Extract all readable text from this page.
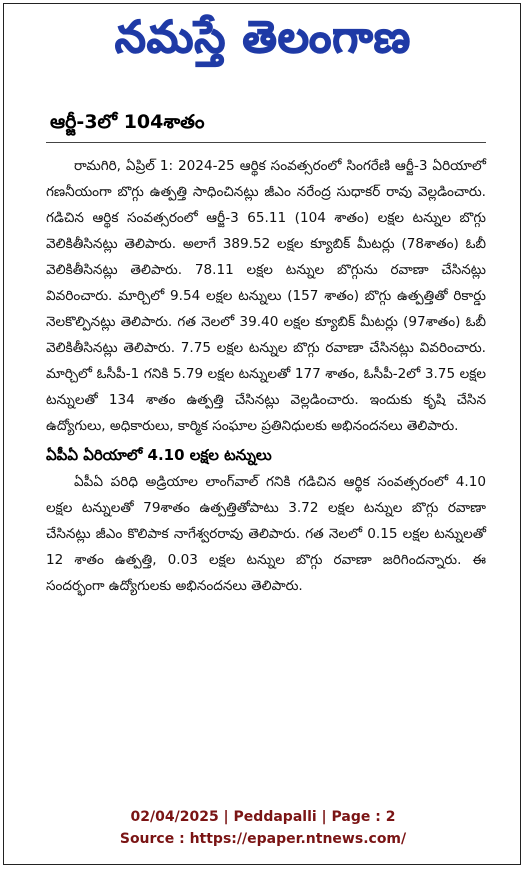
నమస్తే తెలంగాణ
ఆర్జీ-3లో 104శాతం

రామగిరి, ఏప్రిల్ 1: 2024-25 ఆర్థిక సంవత్సరంలో సింగరేణి ఆర్జీ-3 ఏరియాలో గణనీయంగా బొగ్గు ఉత్పత్తి సాధించినట్లు జీఎం నరేంద్ర సుధాకర్ రావు వెల్లడించారు. గడిచిన ఆర్థిక సంవత్సరంలో ఆర్జీ-3 65.11 (104 శాతం) లక్షల టన్నుల బొగ్గు వెలికితీసినట్లు తెలిపారు. అలాగే 389.52 లక్షల క్యూబిక్ మీటర్లు (78శాతం) ఓబీ వెలికితీసినట్లు తెలిపారు. 78.11 లక్షల టన్నుల బొగ్గును రవాణా చేసినట్లు వివరించారు. మార్చిలో 9.54 లక్షల టన్నులు (157 శాతం) బొగ్గు ఉత్పత్తితో రికార్డు నెలకొల్పినట్లు తెలిపారు. గత నెలలో 39.40 లక్షల క్యూబిక్ మీటర్లు (97శాతం) ఓబీ వెలికితీసినట్లు తెలిపారు. 7.75 లక్షల టన్నుల బొగ్గు రవాణా చేసినట్లు వివరించారు. మార్చిలో ఓసీపీ-1 గనికి 5.79 లక్షల టన్నులతో 177 శాతం, ఓసీపీ-2లో 3.75 లక్షల టన్నులతో 134 శాతం ఉత్పత్తి చేసినట్లు వెల్లడించారు. ఇందుకు కృషి చేసిన ఉద్యోగులు, అధికారులు, కార్మిక సంఘాల ప్రతినిధులకు అభినందనలు తెలిపారు.

ఏపీఏ ఏరియాలో 4.10 లక్షల టన్నులు

ఏపీఏ పరిధి అడ్రియాల లాంగ్‌వాల్ గనికి గడిచిన ఆర్థిక సంవత్సరంలో 4.10 లక్షల టన్నులతో 79శాతం ఉత్పత్తితోపాటు 3.72 లక్షల టన్నుల బొగ్గు రవాణా చేసినట్లు జీఎం కొలిపాక నాగేశ్వరరావు తెలిపారు. గత నెలలో 0.15 లక్షల టన్నులతో 12 శాతం ఉత్పత్తి, 0.03 లక్షల టన్నుల బొగ్గు రవాణా జరిగిందన్నారు. ఈ సందర్భంగా ఉద్యోగులకు అభినందనలు తెలిపారు.

02/04/2025 | Peddapalli | Page : 2
Source : https://epaper.ntnews.com/
